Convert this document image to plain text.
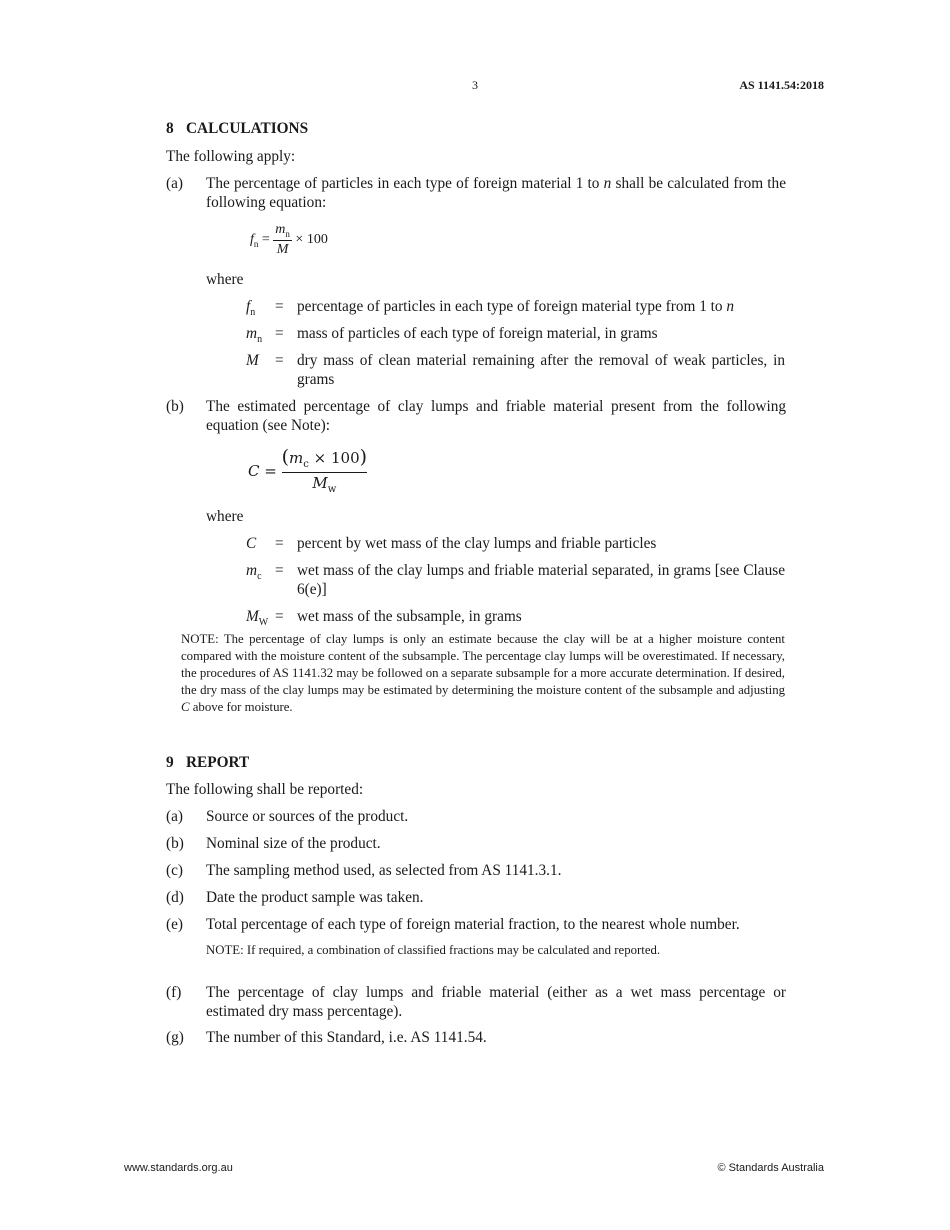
3	AS 1141.54:2018
8 CALCULATIONS
The following apply:
(a) The percentage of particles in each type of foreign material 1 to n shall be calculated from the following equation:
$f_n = \frac{m_n}{M} \times 100$
where
$f_n$ = percentage of particles in each type of foreign material type from 1 to n
$m_n$ = mass of particles of each type of foreign material, in grams
M = dry mass of clean material remaining after the removal of weak particles, in grams
(b) The estimated percentage of clay lumps and friable material present from the following equation (see Note):
$C = \frac{(m_c \times 100)}{M_w}$
where
C = percent by wet mass of the clay lumps and friable particles
$m_c$ = wet mass of the clay lumps and friable material separated, in grams [see Clause 6(e)]
$M_W$ = wet mass of the subsample, in grams
NOTE: The percentage of clay lumps is only an estimate because the clay will be at a higher moisture content compared with the moisture content of the subsample. The percentage clay lumps will be overestimated. If necessary, the procedures of AS 1141.32 may be followed on a separate subsample for a more accurate determination. If desired, the dry mass of the clay lumps may be estimated by determining the moisture content of the subsample and adjusting C above for moisture.
9 REPORT
The following shall be reported:
(a) Source or sources of the product.
(b) Nominal size of the product.
(c) The sampling method used, as selected from AS 1141.3.1.
(d) Date the product sample was taken.
(e) Total percentage of each type of foreign material fraction, to the nearest whole number.
NOTE: If required, a combination of classified fractions may be calculated and reported.
(f) The percentage of clay lumps and friable material (either as a wet mass percentage or estimated dry mass percentage).
(g) The number of this Standard, i.e. AS 1141.54.
www.standards.org.au	© Standards Australia
